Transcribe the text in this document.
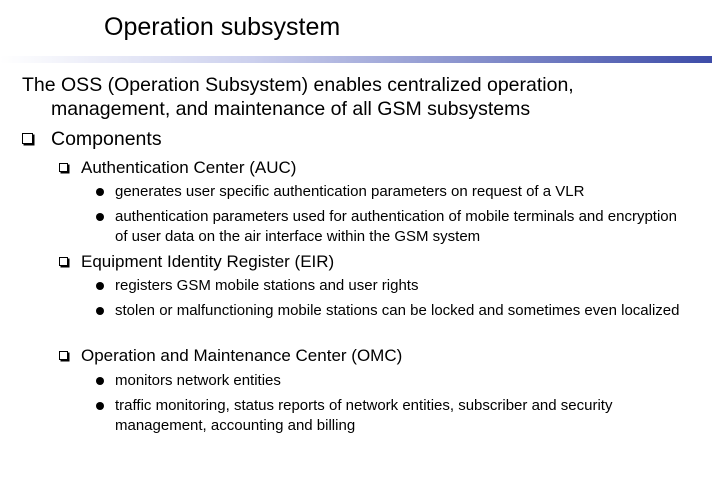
Operation subsystem
The OSS (Operation Subsystem) enables centralized operation, management, and maintenance of all GSM subsystems
Components
Authentication Center (AUC)
generates user specific authentication parameters on request of a VLR
authentication parameters used for authentication of mobile terminals and encryption of user data on the air interface within the GSM system
Equipment Identity Register (EIR)
registers GSM mobile stations and user rights
stolen or malfunctioning mobile stations can be locked and sometimes even localized
Operation and Maintenance Center (OMC)
monitors network entities
traffic monitoring, status reports of network entities, subscriber and security management, accounting and billing
